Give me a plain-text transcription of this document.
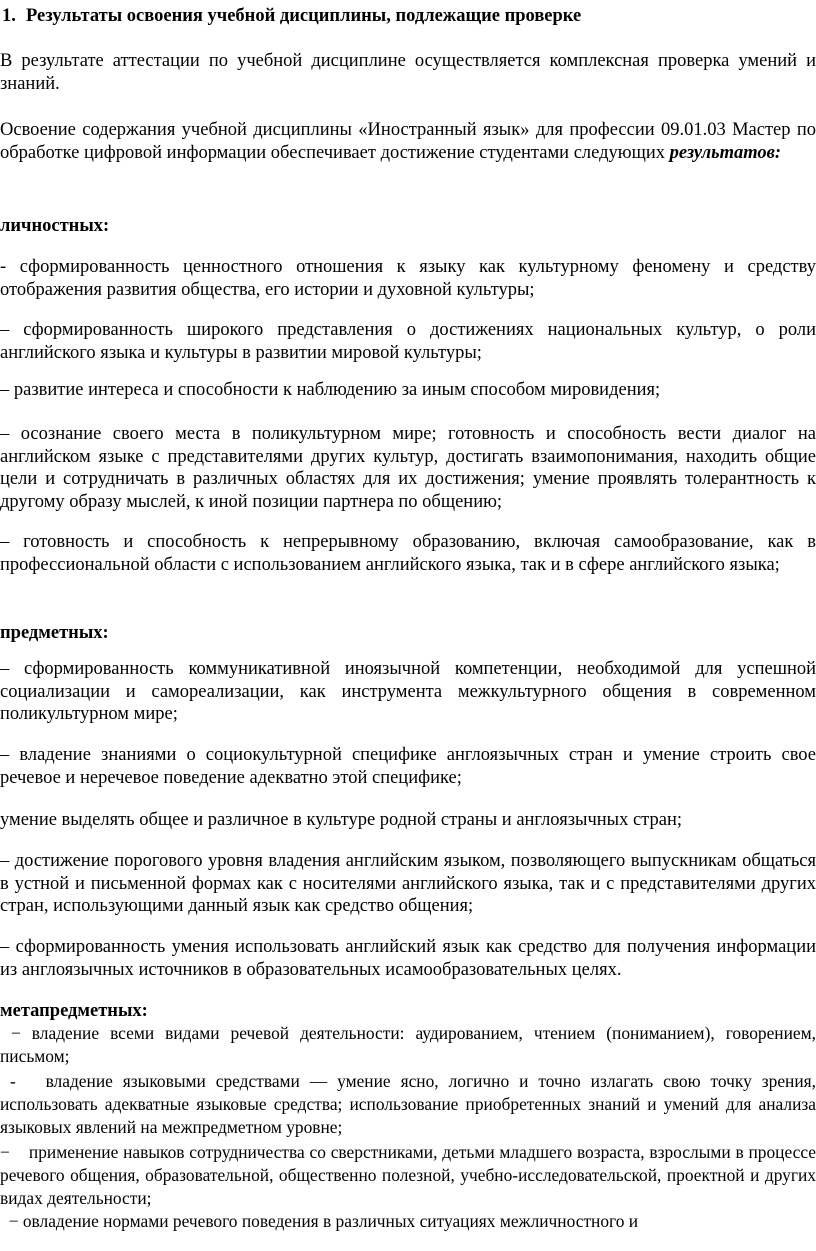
1. Результаты освоения учебной дисциплины, подлежащие проверке

В результате аттестации по учебной дисциплине осуществляется комплексная проверка умений и знаний.

Освоение содержания учебной дисциплины «Иностранный язык» для профессии 09.01.03 Мастер по обработке цифровой информации обеспечивает достижение студентами следующих результатов:

личностных:

- сформированность ценностного отношения к языку как культурному феномену и средству отображения развития общества, его истории и духовной культуры;

– сформированность широкого представления о достижениях национальных культур, о роли английского языка и культуры в развитии мировой культуры;

– развитие интереса и способности к наблюдению за иным способом мировидения;

– осознание своего места в поликультурном мире; готовность и способность вести диалог на английском языке с представителями других культур, достигать взаимопонимания, находить общие цели и сотрудничать в различных областях для их достижения; умение проявлять толерантность к другому образу мыслей, к иной позиции партнера по общению;

– готовность и способность к непрерывному образованию, включая самообразование, как в профессиональной области с использованием английского языка, так и в сфере английского языка;

предметных:

– сформированность коммуникативной иноязычной компетенции, необходимой для успешной социализации и самореализации, как инструмента межкультурного общения в современном поликультурном мире;

– владение знаниями о социокультурной специфике англоязычных стран и умение строить свое речевое и неречевое поведение адекватно этой специфике;

умение выделять общее и различное в культуре родной страны и англоязычных стран;

– достижение порогового уровня владения английским языком, позволяющего выпускникам общаться в устной и письменной формах как с носителями английского языка, так и с представителями других стран, использующими данный язык как средство общения;

– сформированность умения использовать английский язык как средство для получения информации из англоязычных источников в образовательных исамообразовательных целях.

метапредметных:

− владение всеми видами речевой деятельности: аудированием, чтением (пониманием), говорением, письмом;

-   владение языковыми средствами — умение ясно, логично и точно излагать свою точку зрения, использовать адекватные языковые средства; использование приобретенных знаний и умений для анализа языковых явлений на межпредметном уровне;

−    применение навыков сотрудничества со сверстниками, детьми младшего возраста, взрослыми в процессе речевого общения, образовательной, общественно полезной, учебно-исследовательской, проектной и других видах деятельности;

− овладение нормами речевого поведения в различных ситуациях межличностного и
